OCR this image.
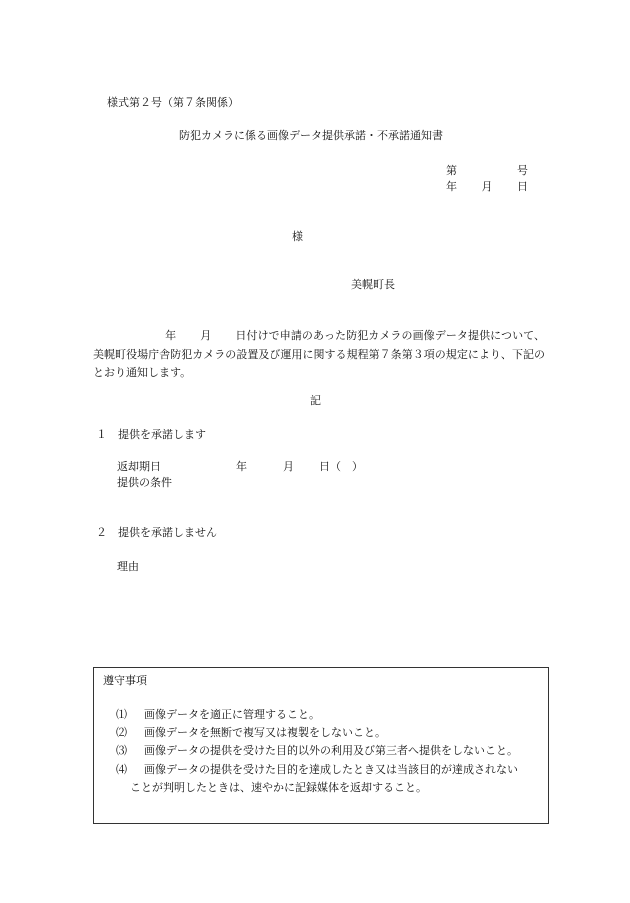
様式第２号（第７条関係）
防犯カメラに係る画像データ提供承諾・不承諾通知書
第	号
年 月 日
様
美幌町長
年 月 日付けで申請のあった防犯カメラの画像データ提供について、美幌町役場庁舎防犯カメラの設置及び運用に関する規程第７条第３項の規定により、下記のとおり通知します。
記
１　提供を承諾します
返却期日	年	月 日（　）
提供の条件
２　提供を承諾しません
理由
遵守事項
⑴ 画像データを適正に管理すること。
⑵ 画像データを無断で複写又は複製をしないこと。
⑶ 画像データの提供を受けた目的以外の利用及び第三者へ提供をしないこと。
⑷ 画像データの提供を受けた目的を達成したとき又は当該目的が達成されない
ことが判明したときは、速やかに記録媒体を返却すること。
